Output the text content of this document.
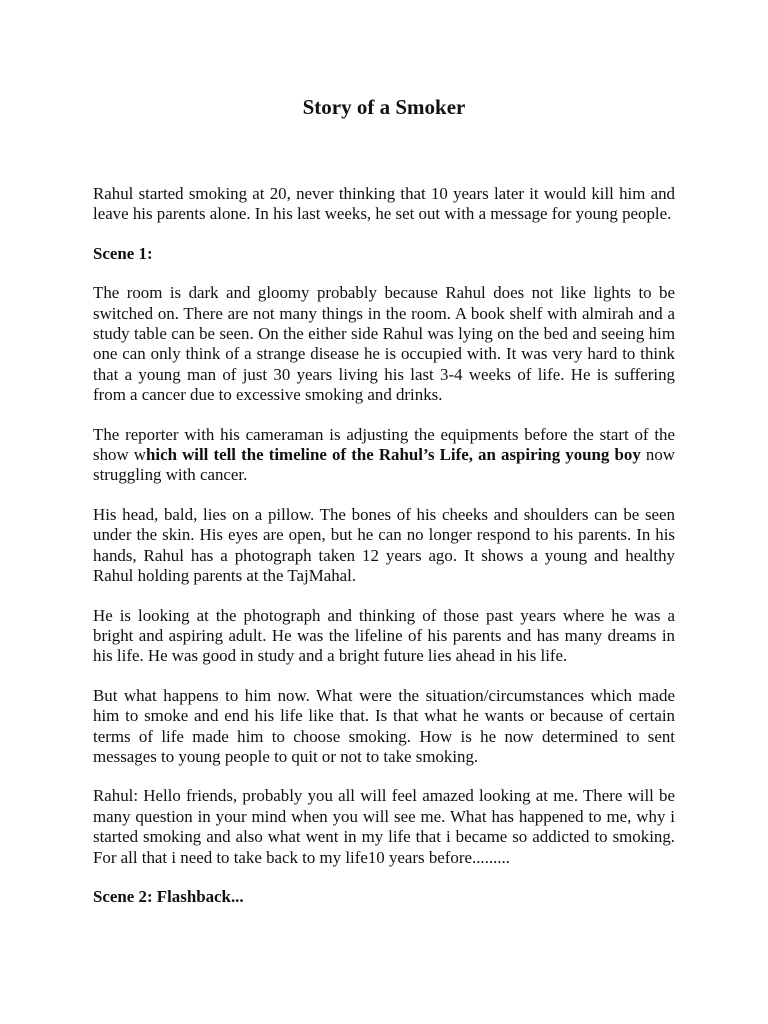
Story of a Smoker

Rahul started smoking at 20, never thinking that 10 years later it would kill him and leave his parents alone. In his last weeks, he set out with a message for young people.

Scene 1:

The room is dark and gloomy probably because Rahul does not like lights to be switched on. There are not many things in the room. A book shelf with almirah and a study table can be seen. On the either side Rahul was lying on the bed and seeing him one can only think of a strange disease he is occupied with. It was very hard to think that a young man of just 30 years living his last 3-4 weeks of life. He is suffering from a cancer due to excessive smoking and drinks.

The reporter with his cameraman is adjusting the equipments before the start of the show which will tell the timeline of the Rahul’s Life, an aspiring young boy now struggling with cancer.

His head, bald, lies on a pillow. The bones of his cheeks and shoulders can be seen under the skin. His eyes are open, but he can no longer respond to his parents. In his hands, Rahul has a photograph taken 12 years ago. It shows a young and healthy Rahul holding parents at the TajMahal.

He is looking at the photograph and thinking of those past years where he was a bright and aspiring adult. He was the lifeline of his parents and has many dreams in his life. He was good in study and a bright future lies ahead in his life.

But what happens to him now. What were the situation/circumstances which made him to smoke and end his life like that. Is that what he wants or because of certain terms of life made him to choose smoking. How is he now determined to sent messages to young people to quit or not to take smoking.

Rahul: Hello friends, probably you all will feel amazed looking at me. There will be many question in your mind when you will see me. What has happened to me, why i started smoking and also what went in my life that i became so addicted to smoking. For all that i need to take back to my life10 years before.........

Scene 2: Flashback...
